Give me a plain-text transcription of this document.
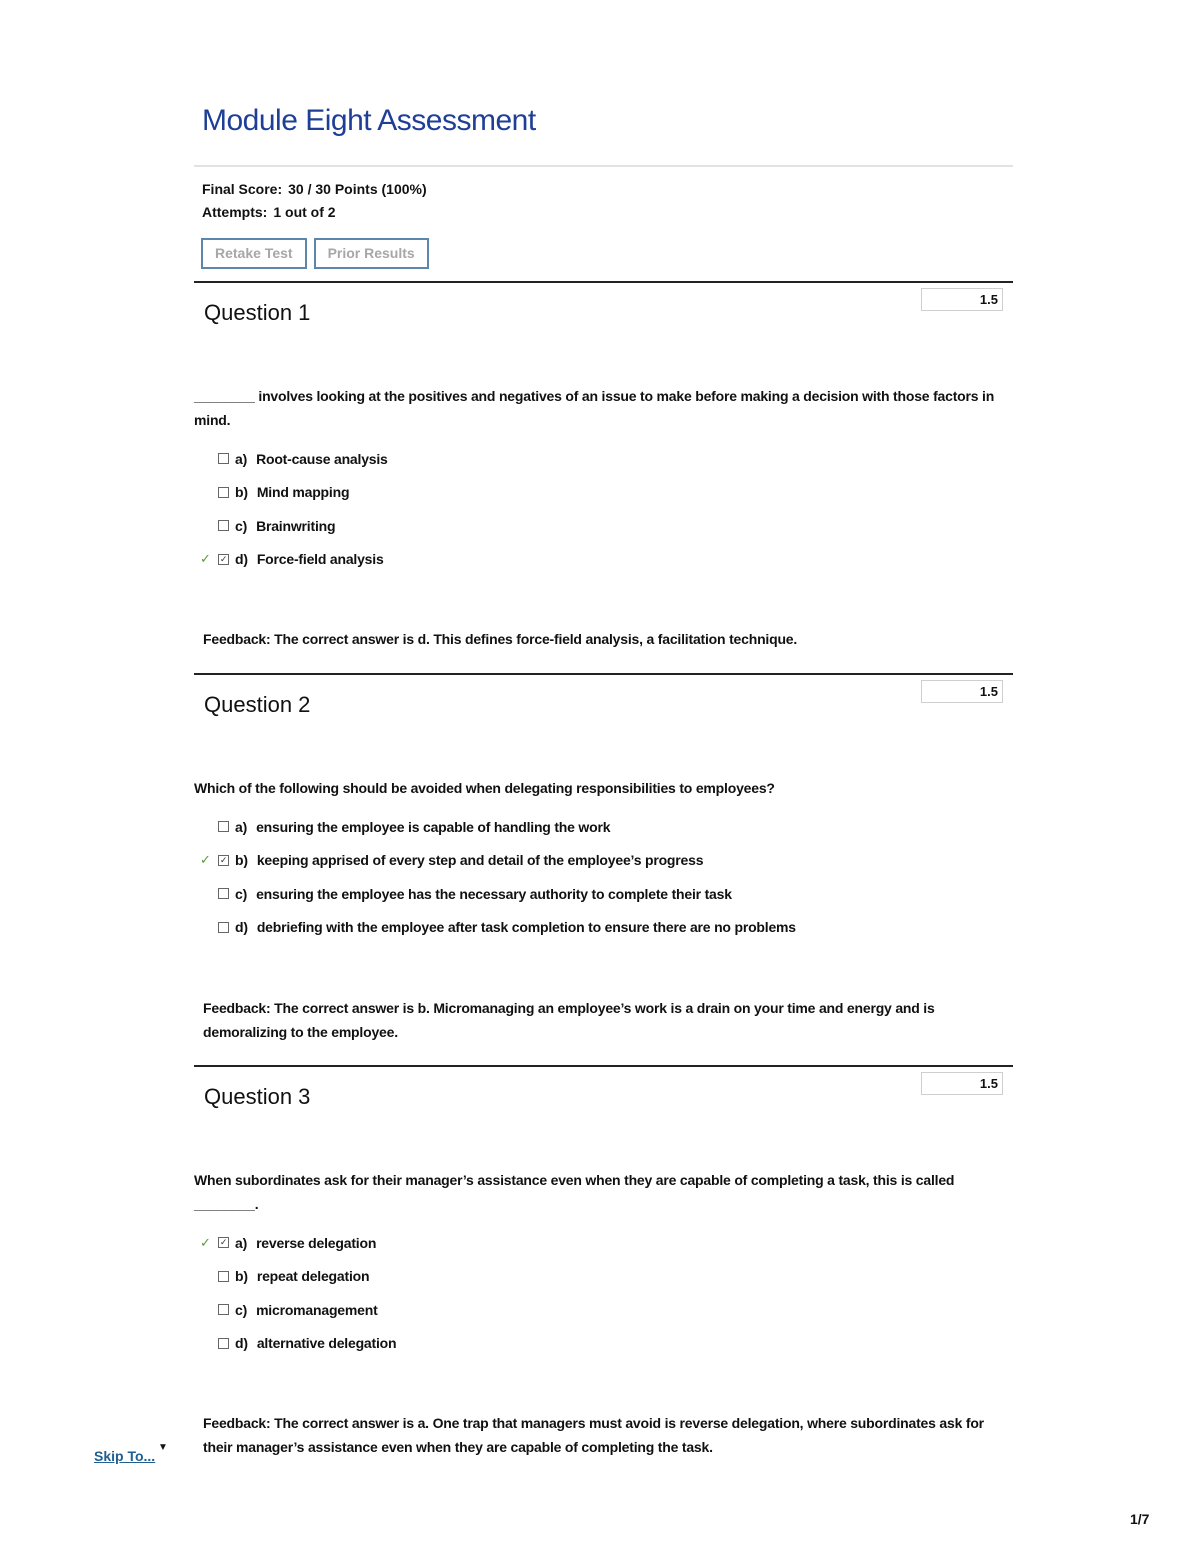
Module Eight Assessment
Final Score: 30 / 30 Points (100%)
Attempts: 1 out of 2
Retake Test	Prior Results
Question 1
1.5
________ involves looking at the positives and negatives of an issue to make before making a decision with those factors in mind.
a) Root-cause analysis
b) Mind mapping
c) Brainwriting
✓	✓ d) Force-field analysis
Feedback: The correct answer is d. This defines force-field analysis, a facilitation technique.
Question 2
1.5
Which of the following should be avoided when delegating responsibilities to employees?
a) ensuring the employee is capable of handling the work
✓	✓ b) keeping apprised of every step and detail of the employee’s progress
c) ensuring the employee has the necessary authority to complete their task
d) debriefing with the employee after task completion to ensure there are no problems
Feedback: The correct answer is b. Micromanaging an employee’s work is a drain on your time and energy and is demoralizing to the employee.
Question 3
1.5
When subordinates ask for their manager’s assistance even when they are capable of completing a task, this is called ________.
✓	✓ a) reverse delegation
b) repeat delegation
c) micromanagement
d) alternative delegation
Feedback: The correct answer is a. One trap that managers must avoid is reverse delegation, where subordinates ask for their manager’s assistance even when they are capable of completing the task.
Skip To...
▼
1/7
